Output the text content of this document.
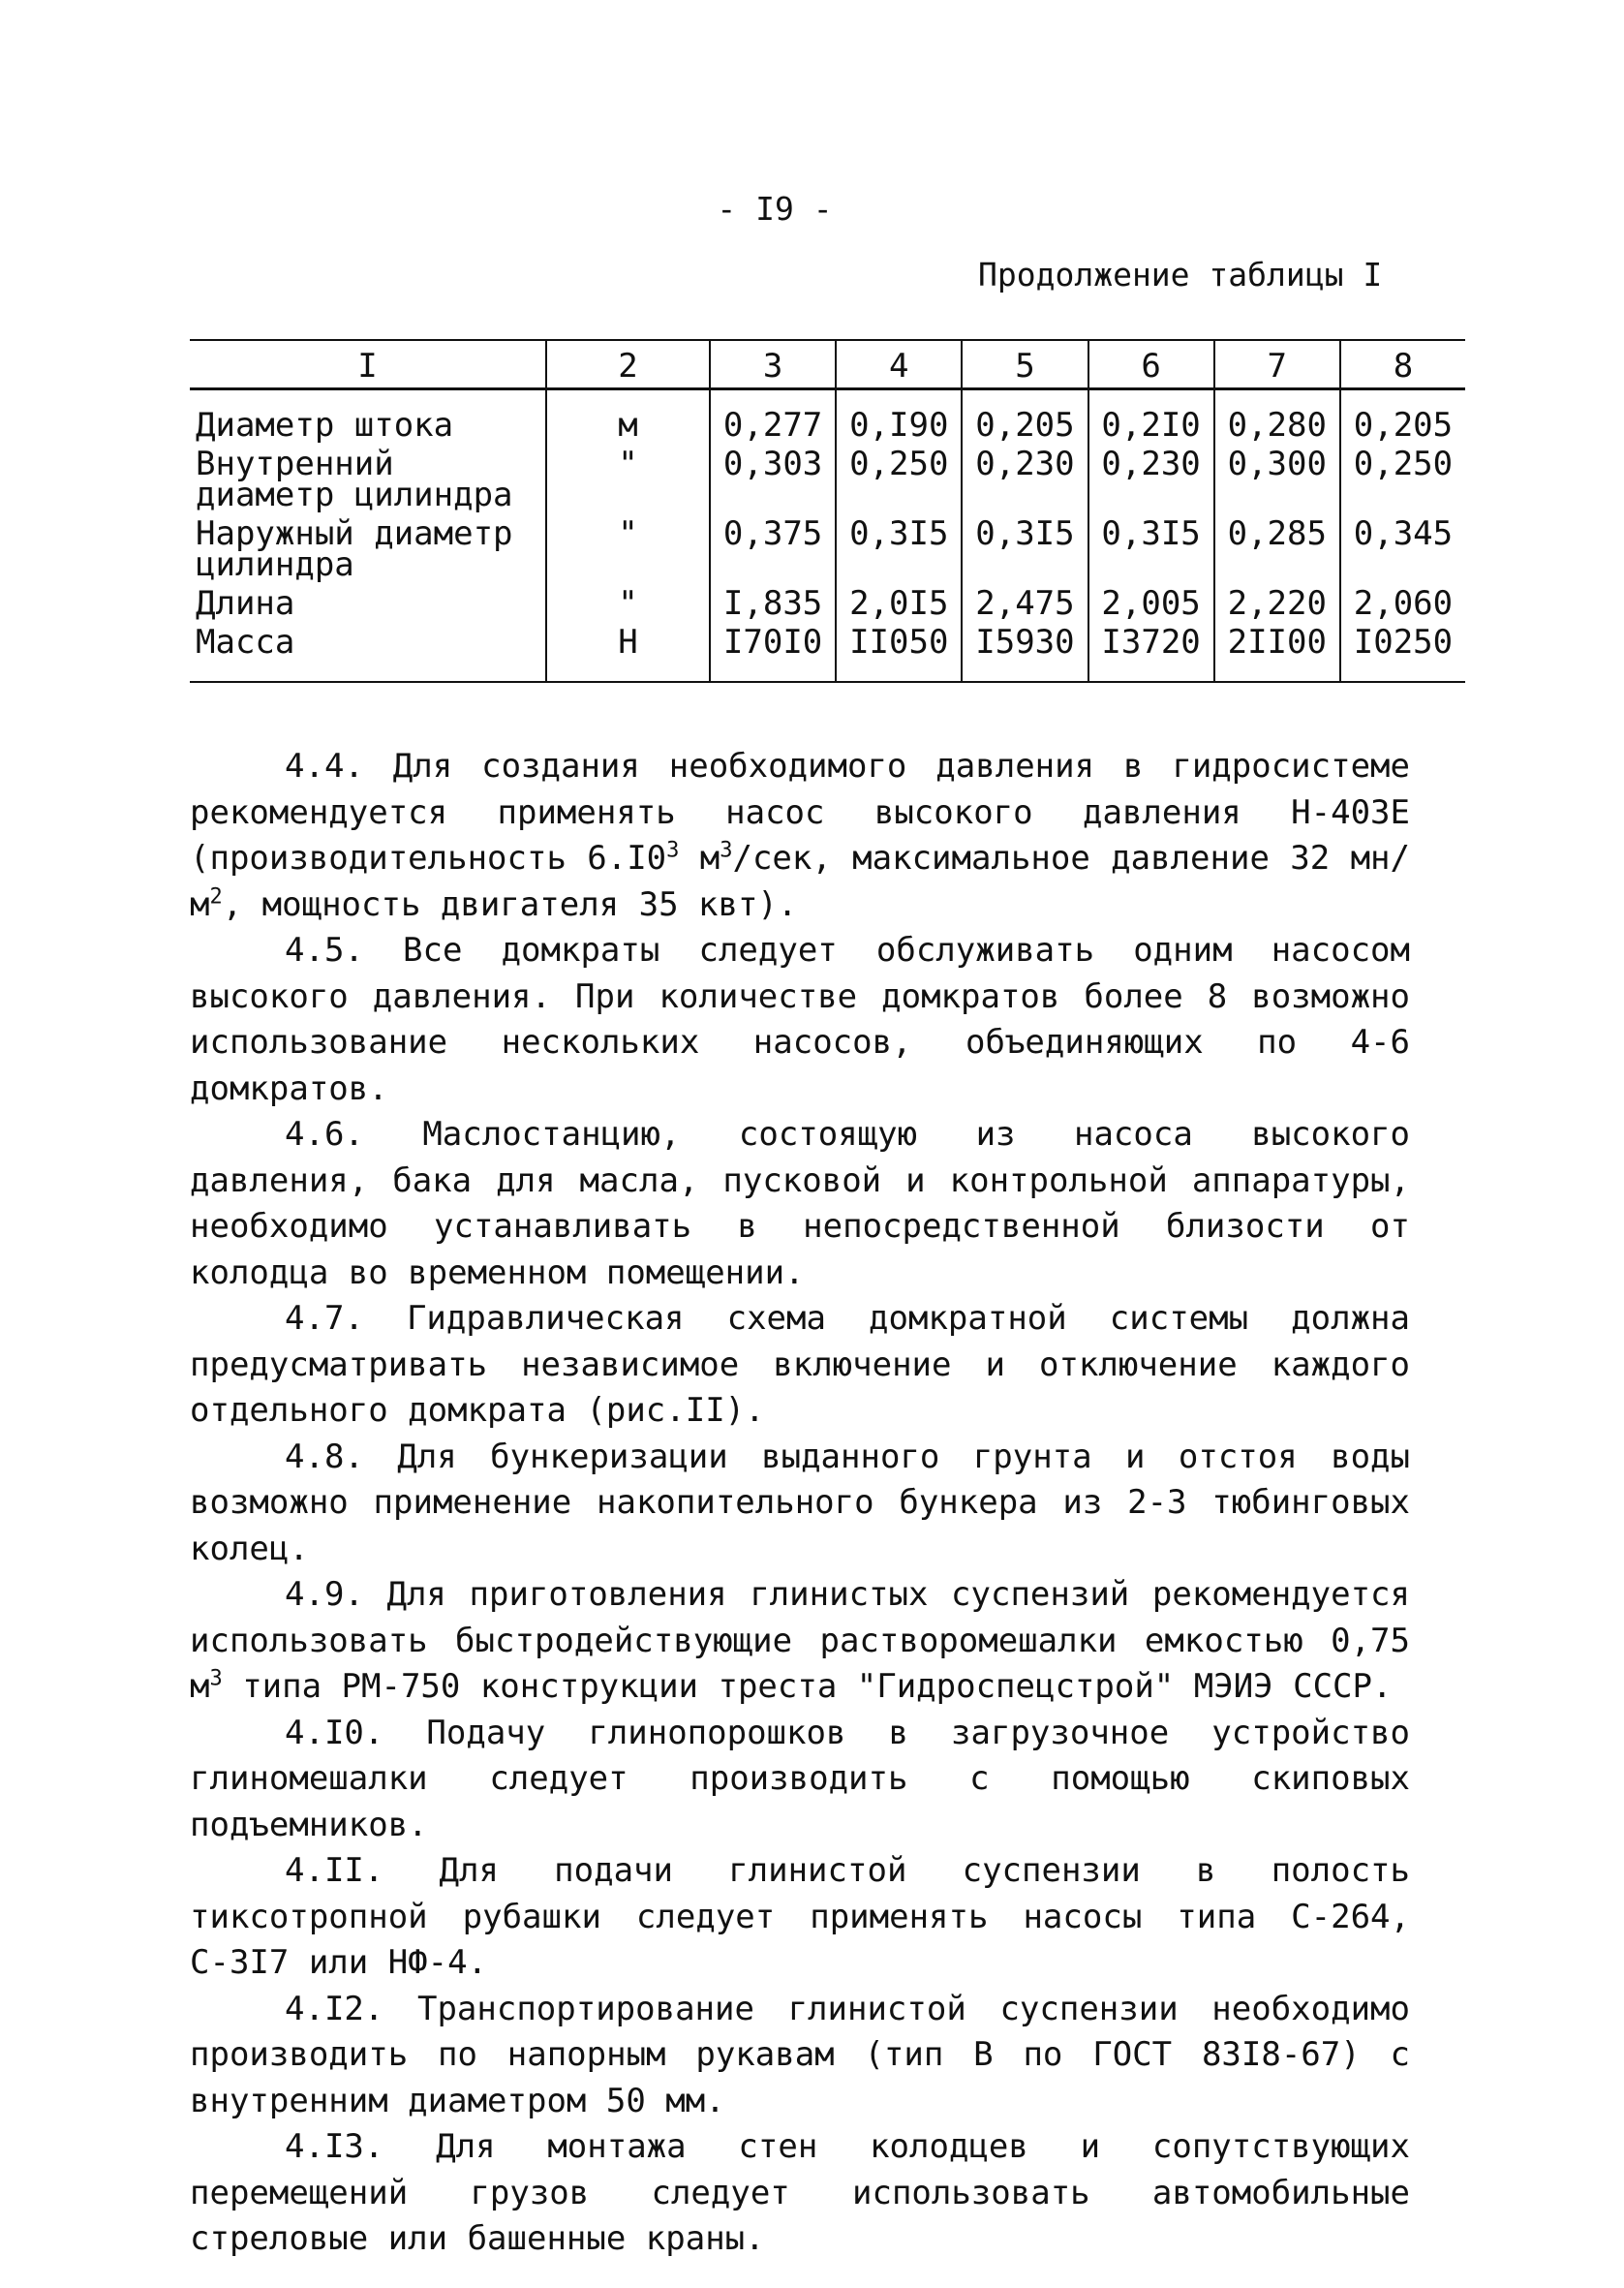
- I9 -
Продолжение таблицы I
I	2	3	4	5	6	7	8
Диаметр штока	м	0,277	0,I90	0,205	0,2I0	0,280	0,205
Внутренний диаметр цилиндра	"	0,303	0,250	0,230	0,230	0,300	0,250
Наружный диаметр цилиндра	"	0,375	0,3I5	0,3I5	0,3I5	0,285	0,345
Длина	"	I,835	2,0I5	2,475	2,005	2,220	2,060
Масса	Н	I70I0	II050	I5930	I3720	2II00	I0250

4.4. Для создания необходимого давления в гидросистеме рекомендуется применять насос высокого давления Н-403Е (производительность $6.I0^3$ $м^3$/сек, максимальное давление 32 $мн/м^2$, мощность двигателя 35 квт).

4.5. Все домкраты следует обслуживать одним насосом высокого давления. При количестве домкратов более 8 возможно использование нескольких насосов, объединяющих по 4-6 домкратов.

4.6. Маслостанцию, состоящую из насоса высокого давления, бака для масла, пусковой и контрольной аппаратуры, необходимо устанавливать в непосредственной близости от колодца во временном помещении.

4.7. Гидравлическая схема домкратной системы должна предусматривать независимое включение и отключение каждого отдельного домкрата (рис.II).

4.8. Для бункеризации выданного грунта и отстоя воды возможно применение накопительного бункера из 2-3 тюбинговых колец.

4.9. Для приготовления глинистых суспензий рекомендуется использовать быстродействующие растворомешалки емкостью 0,75 $м^3$ типа РМ-750 конструкции треста "Гидроспецстрой" МЭИЭ СССР.

4.I0. Подачу глинопорошков в загрузочное устройство глиномешалки следует производить с помощью скиповых подъемников.

4.II. Для подачи глинистой суспензии в полость тиксотропной рубашки следует применять насосы типа С-264, С-3I7 или НФ-4.

4.I2. Транспортирование глинистой суспензии необходимо производить по напорным рукавам (тип В по ГОСТ 83I8-67) с внутренним диаметром 50 мм.

4.I3. Для монтажа стен колодцев и сопутствующих перемещений грузов следует использовать автомобильные стреловые или башенные краны.
